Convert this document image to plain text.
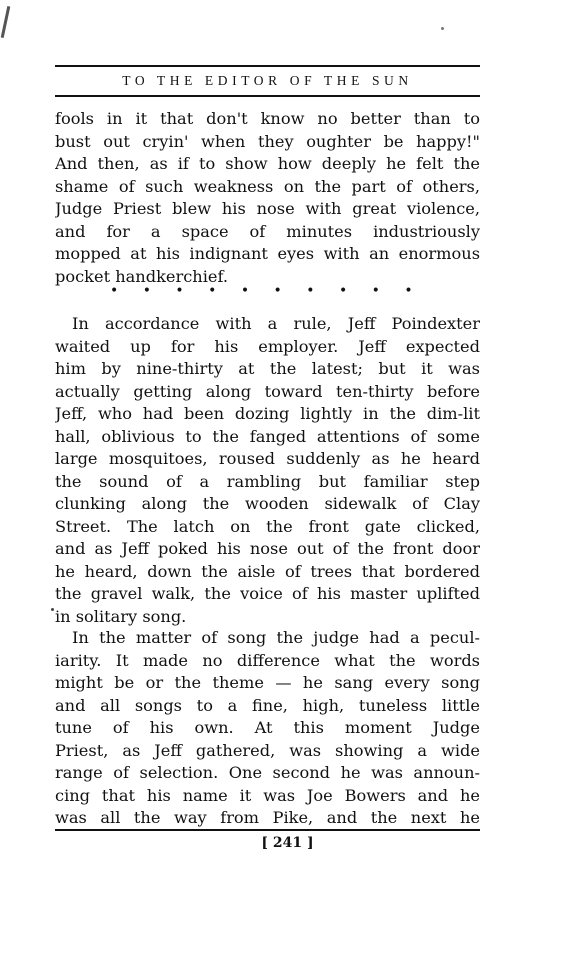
TO THE EDITOR OF THE SUN
fools in it that don't know no better than to
bust out cryin' when they oughter be happy!"
And then, as if to show how deeply he felt the
shame of such weakness on the part of others,
Judge Priest blew his nose with great violence,
and for a space of minutes industriously
mopped at his indignant eyes with an enormous
pocket handkerchief.
• • • • • • • • • •
In accordance with a rule, Jeff Poindexter
waited up for his employer. Jeff expected
him by nine-thirty at the latest; but it was
actually getting along toward ten-thirty before
Jeff, who had been dozing lightly in the dim-lit
hall, oblivious to the fanged attentions of some
large mosquitoes, roused suddenly as he heard
the sound of a rambling but familiar step
clunking along the wooden sidewalk of Clay
Street. The latch on the front gate clicked,
and as Jeff poked his nose out of the front door
he heard, down the aisle of trees that bordered
the gravel walk, the voice of his master uplifted
in solitary song.
In the matter of song the judge had a pecul-
iarity. It made no difference what the words
might be or the theme — he sang every song
and all songs to a fine, high, tuneless little
tune of his own. At this moment Judge
Priest, as Jeff gathered, was showing a wide
range of selection. One second he was announ-
cing that his name it was Joe Bowers and he
was all the way from Pike, and the next he
[ 241 ]
